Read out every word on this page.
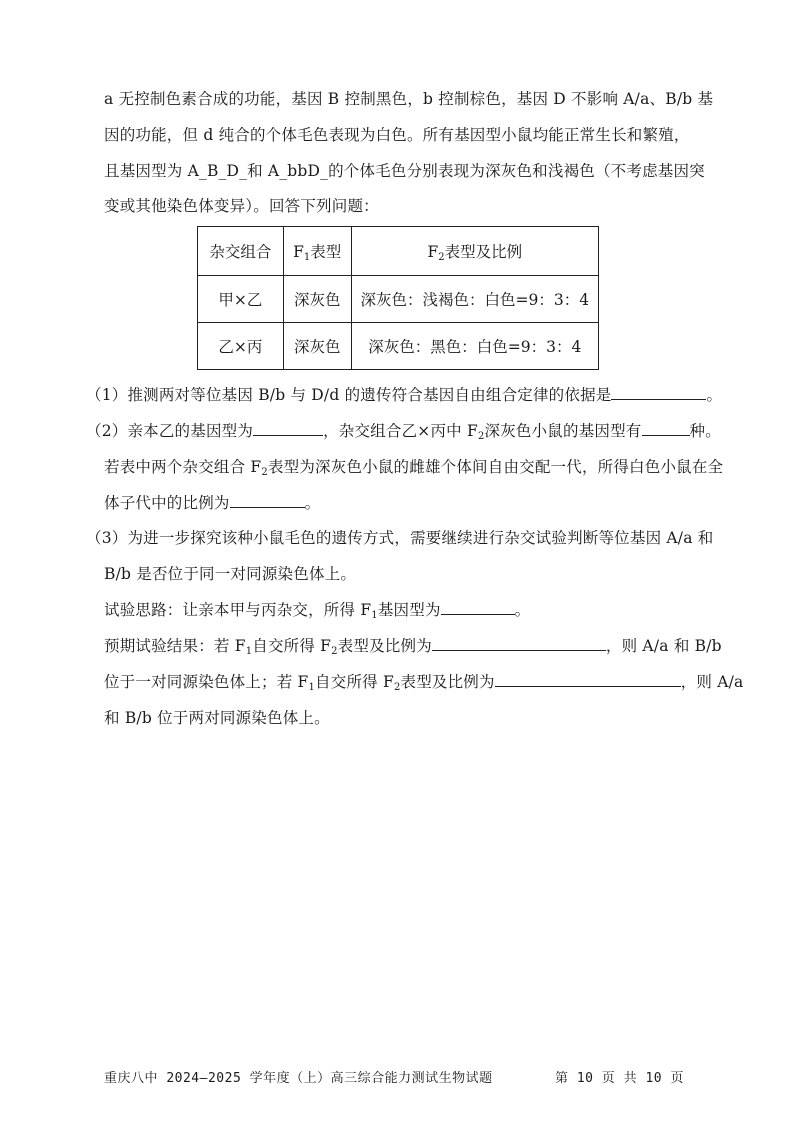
a 无控制色素合成的功能，基因 B 控制黑色，b 控制棕色，基因 D 不影响 A/a、B/b 基
因的功能，但 d 纯合的个体毛色表现为白色。所有基因型小鼠均能正常生长和繁殖，
且基因型为 A_B_D_和 A_bbD_的个体毛色分别表现为深灰色和浅褐色（不考虑基因突
变或其他染色体变异）。回答下列问题：
杂交组合	$F_1$表型	$F_2$表型及比例
甲×乙	深灰色	深灰色：浅褐色：白色=9：3：4
乙×丙	深灰色	深灰色：黑色：白色=9：3：4
（1）推测两对等位基因 B/b 与 D/d 的遗传符合基因自由组合定律的依据是	。
（2）亲本乙的基因型为	，杂交组合乙×丙中 $F_2$深灰色小鼠的基因型有	种。
若表中两个杂交组合 $F_2$表型为深灰色小鼠的雌雄个体间自由交配一代，所得白色小鼠在全
体子代中的比例为	。
（3）为进一步探究该种小鼠毛色的遗传方式，需要继续进行杂交试验判断等位基因 A/a 和
B/b 是否位于同一对同源染色体上。
试验思路：让亲本甲与丙杂交，所得 $F_1$基因型为	。
预期试验结果：若 $F_1$自交所得 $F_2$表型及比例为	，则 A/a 和 B/b
位于一对同源染色体上；若 $F_1$自交所得 $F_2$表型及比例为	，则 A/a
和 B/b 位于两对同源染色体上。
重庆八中 2024—2025 学年度（上）高三综合能力测试生物试题	第 10 页 共 10 页
